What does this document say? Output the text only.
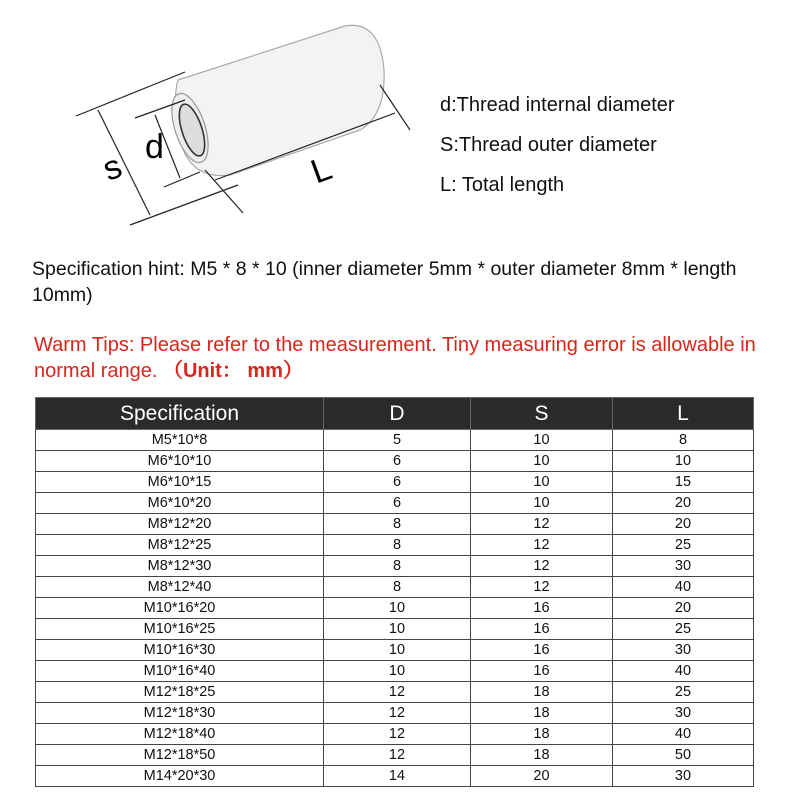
s
d
L
d:Thread internal diameter
S:Thread outer diameter
L: Total length
Specification hint: M5 * 8 * 10 (inner diameter 5mm * outer diameter 8mm * length 10mm)
Warm Tips: Please refer to the measurement. Tiny measuring error is allowable in normal range. （Unit： mm）
Specification	D	S	L
M5*10*8	5	10	8
M6*10*10	6	10	10
M6*10*15	6	10	15
M6*10*20	6	10	20
M8*12*20	8	12	20
M8*12*25	8	12	25
M8*12*30	8	12	30
M8*12*40	8	12	40
M10*16*20	10	16	20
M10*16*25	10	16	25
M10*16*30	10	16	30
M10*16*40	10	16	40
M12*18*25	12	18	25
M12*18*30	12	18	30
M12*18*40	12	18	40
M12*18*50	12	18	50
M14*20*30	14	20	30
